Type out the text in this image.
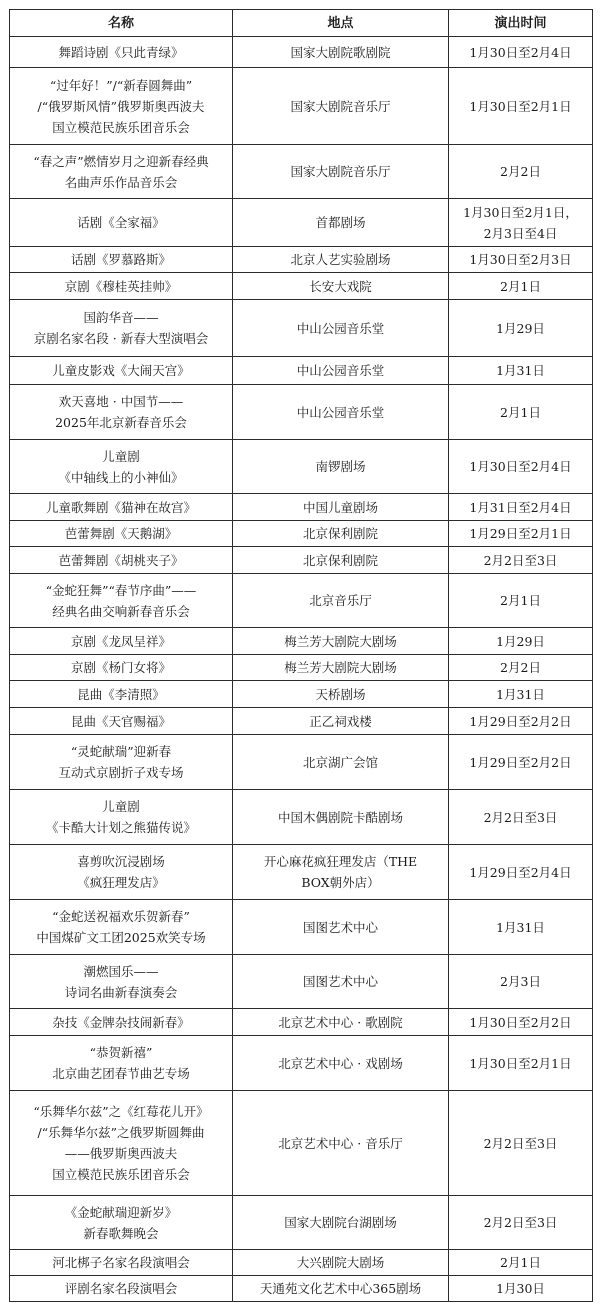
名称	地点	演出时间
舞蹈诗剧《只此青绿》	国家大剧院歌剧院	1月30日至2月4日
“过年好！”/“新春圆舞曲”
/“俄罗斯风情”俄罗斯奥西波夫
国立模范民族乐团音乐会	国家大剧院音乐厅	1月30日至2月1日
“春之声”燃情岁月之迎新春经典
名曲声乐作品音乐会	国家大剧院音乐厅	2月2日
话剧《全家福》	首都剧场	1月30日至2月1日，
2月3日至4日
话剧《罗慕路斯》	北京人艺实验剧场	1月30日至2月3日
京剧《穆桂英挂帅》	长安大戏院	2月1日
国韵华音——
京剧名家名段 · 新春大型演唱会	中山公园音乐堂	1月29日
儿童皮影戏《大闹天宫》	中山公园音乐堂	1月31日
欢天喜地 · 中国节——
2025年北京新春音乐会	中山公园音乐堂	2月1日
儿童剧
《中轴线上的小神仙》	南锣剧场	1月30日至2月4日
儿童歌舞剧《猫神在故宫》	中国儿童剧场	1月31日至2月4日
芭蕾舞剧《天鹅湖》	北京保利剧院	1月29日至2月1日
芭蕾舞剧《胡桃夹子》	北京保利剧院	2月2日至3日
“金蛇狂舞”“春节序曲”——
经典名曲交响新春音乐会	北京音乐厅	2月1日
京剧《龙凤呈祥》	梅兰芳大剧院大剧场	1月29日
京剧《杨门女将》	梅兰芳大剧院大剧场	2月2日
昆曲《李清照》	天桥剧场	1月31日
昆曲《天官赐福》	正乙祠戏楼	1月29日至2月2日
“灵蛇献瑞”迎新春
互动式京剧折子戏专场	北京湖广会馆	1月29日至2月2日
儿童剧
《卡酷大计划之熊猫传说》	中国木偶剧院卡酷剧场	2月2日至3日
喜剪吹沉浸剧场
《疯狂理发店》	开心麻花疯狂理发店（THE
BOX朝外店）	1月29日至2月4日
“金蛇送祝福欢乐贺新春”
中国煤矿文工团2025欢笑专场	国图艺术中心	1月31日
潮燃国乐——
诗词名曲新春演奏会	国图艺术中心	2月3日
杂技《金牌杂技闹新春》	北京艺术中心 · 歌剧院	1月30日至2月2日
“恭贺新禧”
北京曲艺团春节曲艺专场	北京艺术中心 · 戏剧场	1月30日至2月1日
“乐舞华尔兹”之《红莓花儿开》
/“乐舞华尔兹”之俄罗斯圆舞曲
——俄罗斯奥西波夫
国立模范民族乐团音乐会	北京艺术中心 · 音乐厅	2月2日至3日
《金蛇献瑞迎新岁》
新春歌舞晚会	国家大剧院台湖剧场	2月2日至3日
河北梆子名家名段演唱会	大兴剧院大剧场	2月1日
评剧名家名段演唱会	天通苑文化艺术中心365剧场	1月30日
